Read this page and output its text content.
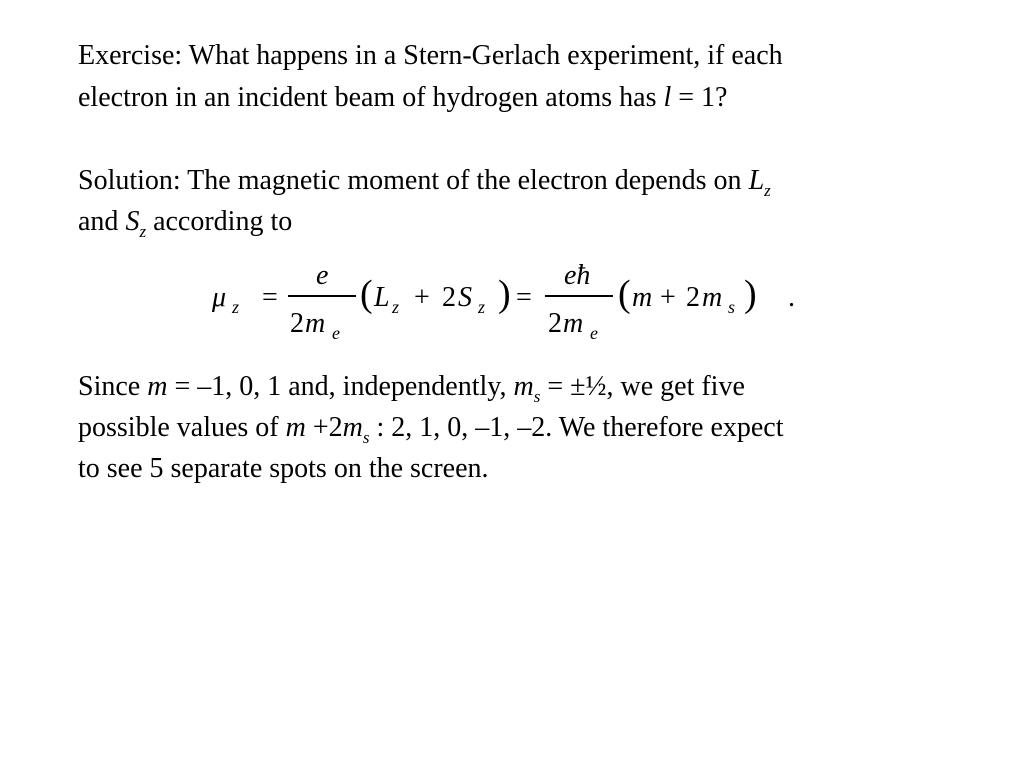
Exercise: What happens in a Stern-Gerlach experiment, if each
electron in an incident beam of hydrogen atoms has l = 1?
Solution: The magnetic moment of the electron depends on $L_z$
and $S_z$ according to
μ z =
e
2 m e
( L z + 2 S z ) =
eħ
2 m e
( m + 2 m s ) .
Since m = –1, 0, 1 and, independently, $m_s$ = ±½, we get five
possible values of $m +2m_s$ : 2, 1, 0, –1, –2. We therefore expect
to see 5 separate spots on the screen.
